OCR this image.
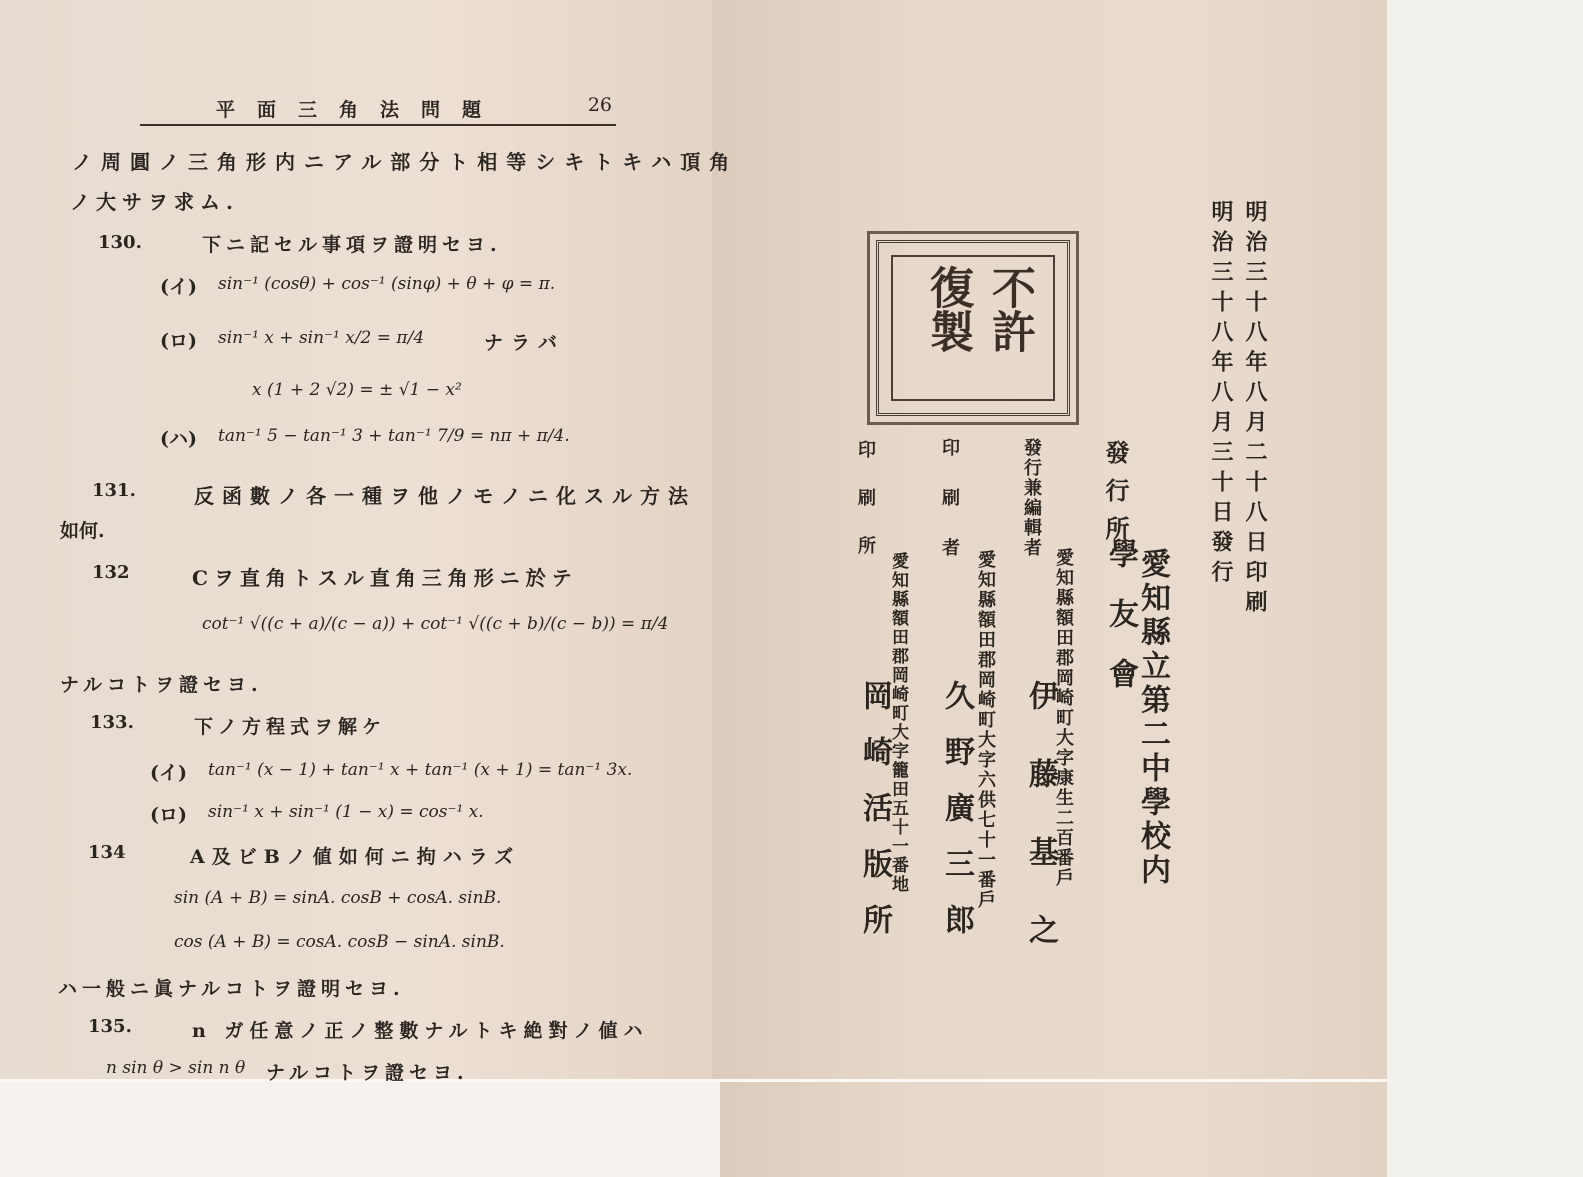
平面三角法問題	26
ノ周圓ノ三角形内ニアル部分ト相等シキトキハ頂角
ノ大サヲ求ム.
130.	下ニ記セル事項ヲ證明セヨ.
(イ) sin⁻¹ (cosθ) + cos⁻¹ (sinφ) + θ + φ = π.
(ロ) sin⁻¹ x + sin⁻¹ x/2 = π/4	ナラバ
x (1 + 2 √2) = ± √1 − x²
(ハ) tan⁻¹ 5 − tan⁻¹ 3 + tan⁻¹ 7/9 = nπ + π/4.
131.	反函數ノ各一種ヲ他ノモノニ化スル方法
如何.
132	Cヲ直角トスル直角三角形ニ於テ
cot⁻¹ √((c + a)/(c − a)) + cot⁻¹ √((c + b)/(c − b)) = π/4
ナルコトヲ證セヨ.
133.	下ノ方程式ヲ解ケ
(イ) tan⁻¹ (x − 1) + tan⁻¹ x + tan⁻¹ (x + 1) = tan⁻¹ 3x.
(ロ) sin⁻¹ x + sin⁻¹ (1 − x) = cos⁻¹ x.
134	A及ビBノ値如何ニ拘ハラズ
sin (A + B) = sinA. cosB + cosA. sinB.
cos (A + B) = cosA. cosB − sinA. sinB.
ハ一般ニ眞ナルコトヲ證明セヨ.
135.	n ガ任意ノ正ノ整數ナルトキ絶對ノ値ハ
n sin θ > sin n θ ナルコトヲ證セヨ.
不許
復製	明治三十八年八月二十八日印刷
明治三十八年八月三十日發行
發行所
愛知縣立第二中學校内
學友會
愛知縣額田郡岡崎町大字康生二百番戶
發行兼編輯者
伊藤基之
愛知縣額田郡岡崎町大字六供七十一番戶
印刷者
久野廣三郎
愛知縣額田郡岡崎町大字籠田五十一番地
印刷所
岡崎活版所
